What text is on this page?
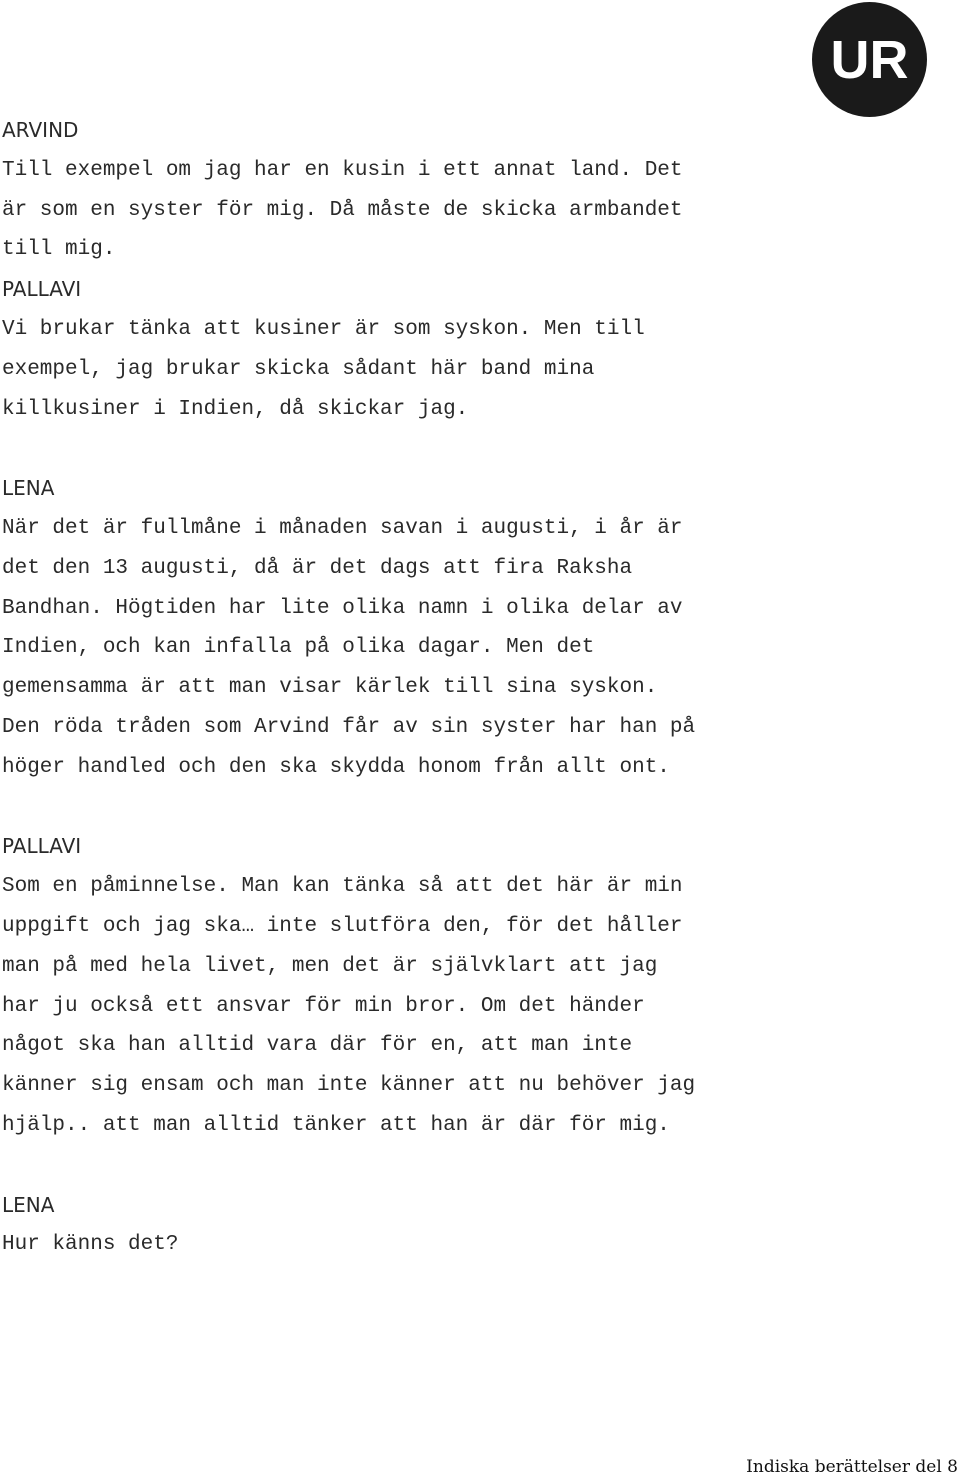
UR
ARVIND
Till exempel om jag har en kusin i ett annat land. Det
är som en syster för mig. Då måste de skicka armbandet
till mig.
PALLAVI
Vi brukar tänka att kusiner är som syskon. Men till
exempel, jag brukar skicka sådant här band mina
killkusiner i Indien, då skickar jag.
LENA
När det är fullmåne i månaden savan i augusti, i år är
det den 13 augusti, då är det dags att fira Raksha
Bandhan. Högtiden har lite olika namn i olika delar av
Indien, och kan infalla på olika dagar. Men det
gemensamma är att man visar kärlek till sina syskon.
Den röda tråden som Arvind får av sin syster har han på
höger handled och den ska skydda honom från allt ont.
PALLAVI
Som en påminnelse. Man kan tänka så att det här är min
uppgift och jag ska… inte slutföra den, för det håller
man på med hela livet, men det är självklart att jag
har ju också ett ansvar för min bror. Om det händer
något ska han alltid vara där för en, att man inte
känner sig ensam och man inte känner att nu behöver jag
hjälp.. att man alltid tänker att han är där för mig.
LENA
Hur känns det?
Indiska berättelser del 8
